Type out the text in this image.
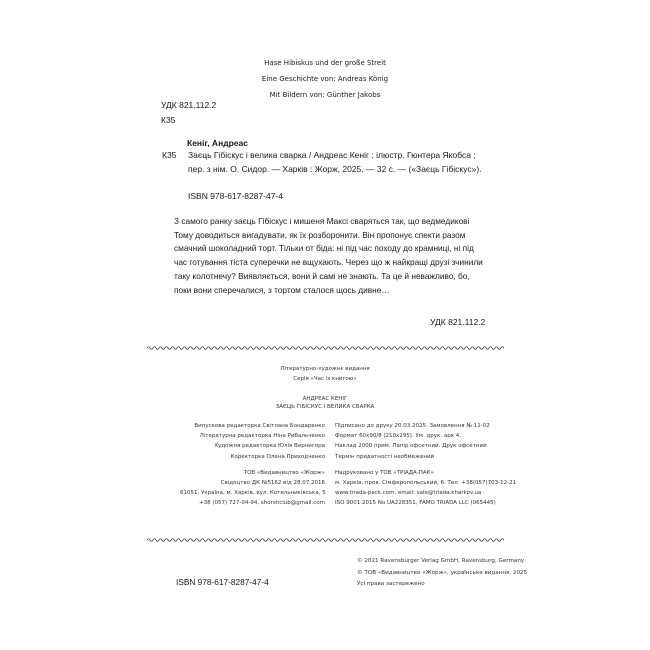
Hase Hibiskus und der große Streit
Eine Geschichte von: Andreas König
Mit Bildern von: Günther Jakobs
УДК 821.112.2
К35
Кеніг, Андреас
К35 Заєць Гібіскус і велика сварка / Андреас Кеніг ; ілюстр. Гюнтера Якобса ;
пер. з нім. О. Сидор. — Харків : Жорж, 2025. — 32 с. — («Заєць Гібіскус»).
ISBN 978-617-8287-47-4
З самого ранку заєць Гібіскус і мишеня Максі сваряться так, що ведмедикові
Тому доводиться вигадувати, як їх розборонити. Він пропонує спекти разом
смачний шоколадний торт. Тільки от біда: ні під час походу до крамниці, ні під
час готування тіста суперечки не вщухають. Через що ж найкращі друзі зчинили
таку колотнечу? Виявляється, вони й самі не знають. Та це й неважливо, бо,
поки вони сперечалися, з тортом сталося щось дивне…
УДК 821.112.2
Літературно-художнє видання
Серія «Час із книгою»
АНДРЕАС КЕНІГ
ЗАЄЦЬ ГІБІСКУС І ВЕЛИКА СВАРКА
Випускова редакторка Світлана Бондаренко
Літературна редакторка Ніна Рибальченко
Художня редакторка Юлія Вернигора
Коректорка Олена Приходченко
Підписано до друку 20.03.2025. Замовлення № 11-02
Формат 60х90/8 (210х295). Ум. друк. арк 4.
Наклад 2000 прим. Папір офсетний. Друк офсетний
Термін придатності необмежений
ТОВ «Видавництво «Жорж»
Свідоцтво ДК №5162 від 28.07.2016
61051, Україна, м. Харків, вул. Котельниківська, 5
+38 (057) 727-04-94, shorshclub@gmail.com
Надруковано у ТОВ «ТРІАДА-ПАК»
м. Харків, пров. Сімферопольський, 6. Тел. +38(057)703-12-21
www.triada-pack.com, email: sale@triada.kharkov.ua
ISO 9001:2015 No UA228351, FAMO TRIADA LLC (065445)
© 2021 Ravensburger Verlag GmbH, Ravensburg, Germany
© ТОВ «Видавництво «Жорж», українське видання, 2025
Усі права застережено
ISBN 978-617-8287-47-4
